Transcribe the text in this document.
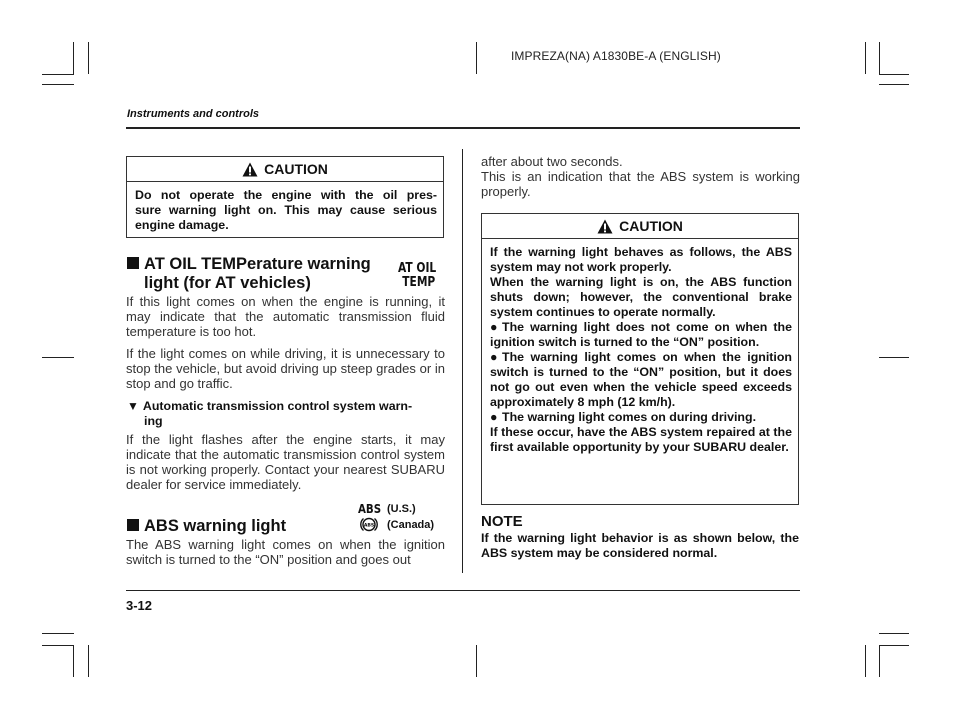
IMPREZA(NA) A1830BE-A (ENGLISH)
Instruments and controls
CAUTION

Do not operate the engine with the oil pres-

sure warning light on. This may cause serious

engine damage.

AT OIL TEMPerature warning
light (for AT vehicles)
AT OIL
TEMP
If this light comes on when the engine is running, it may indicate that the automatic transmission fluid temperature is too hot.
If the light comes on while driving, it is unnecessary to stop the vehicle, but avoid driving up steep grades or in stop and go traffic.
▼ Automatic transmission control system warn-
ing
If the light flashes after the engine starts, it may indicate that the automatic transmission control system is not working properly. Contact your nearest SUBARU dealer for service immediately.
ABS warning light
ABS (U.S.)
ABS (Canada)
The ABS warning light comes on when the ignition switch is turned to the “ON” position and goes out
after about two seconds.
This is an indication that the ABS system is working properly.
CAUTION

If the warning light behaves as follows, the ABS system may not work properly.

When the warning light is on, the ABS function shuts down; however, the conventional brake system continues to operate normally.

● The warning light does not come on when the ignition switch is turned to the “ON” position.

● The warning light comes on when the ignition switch is turned to the “ON” position, but it does not go out even when the vehicle speed exceeds approximately 8 mph (12 km/h).

● The warning light comes on during driving.

If these occur, have the ABS system repaired at the first available opportunity by your SUBARU dealer.

NOTE
If the warning light behavior is as shown below, the ABS system may be considered normal.
3-12
